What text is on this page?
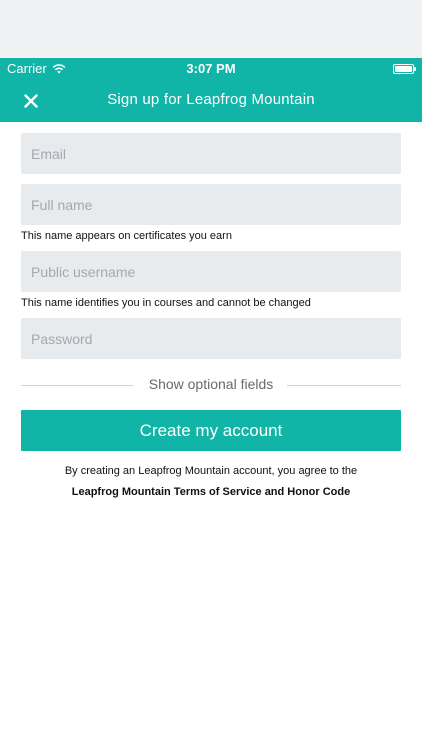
Carrier	3:07 PM
Sign up for Leapfrog Mountain
Email
Full name
This name appears on certificates you earn
Public username
This name identifies you in courses and cannot be changed
Show optional fields
Create my account
By creating an Leapfrog Mountain account, you agree to the
Leapfrog Mountain Terms of Service and Honor Code
